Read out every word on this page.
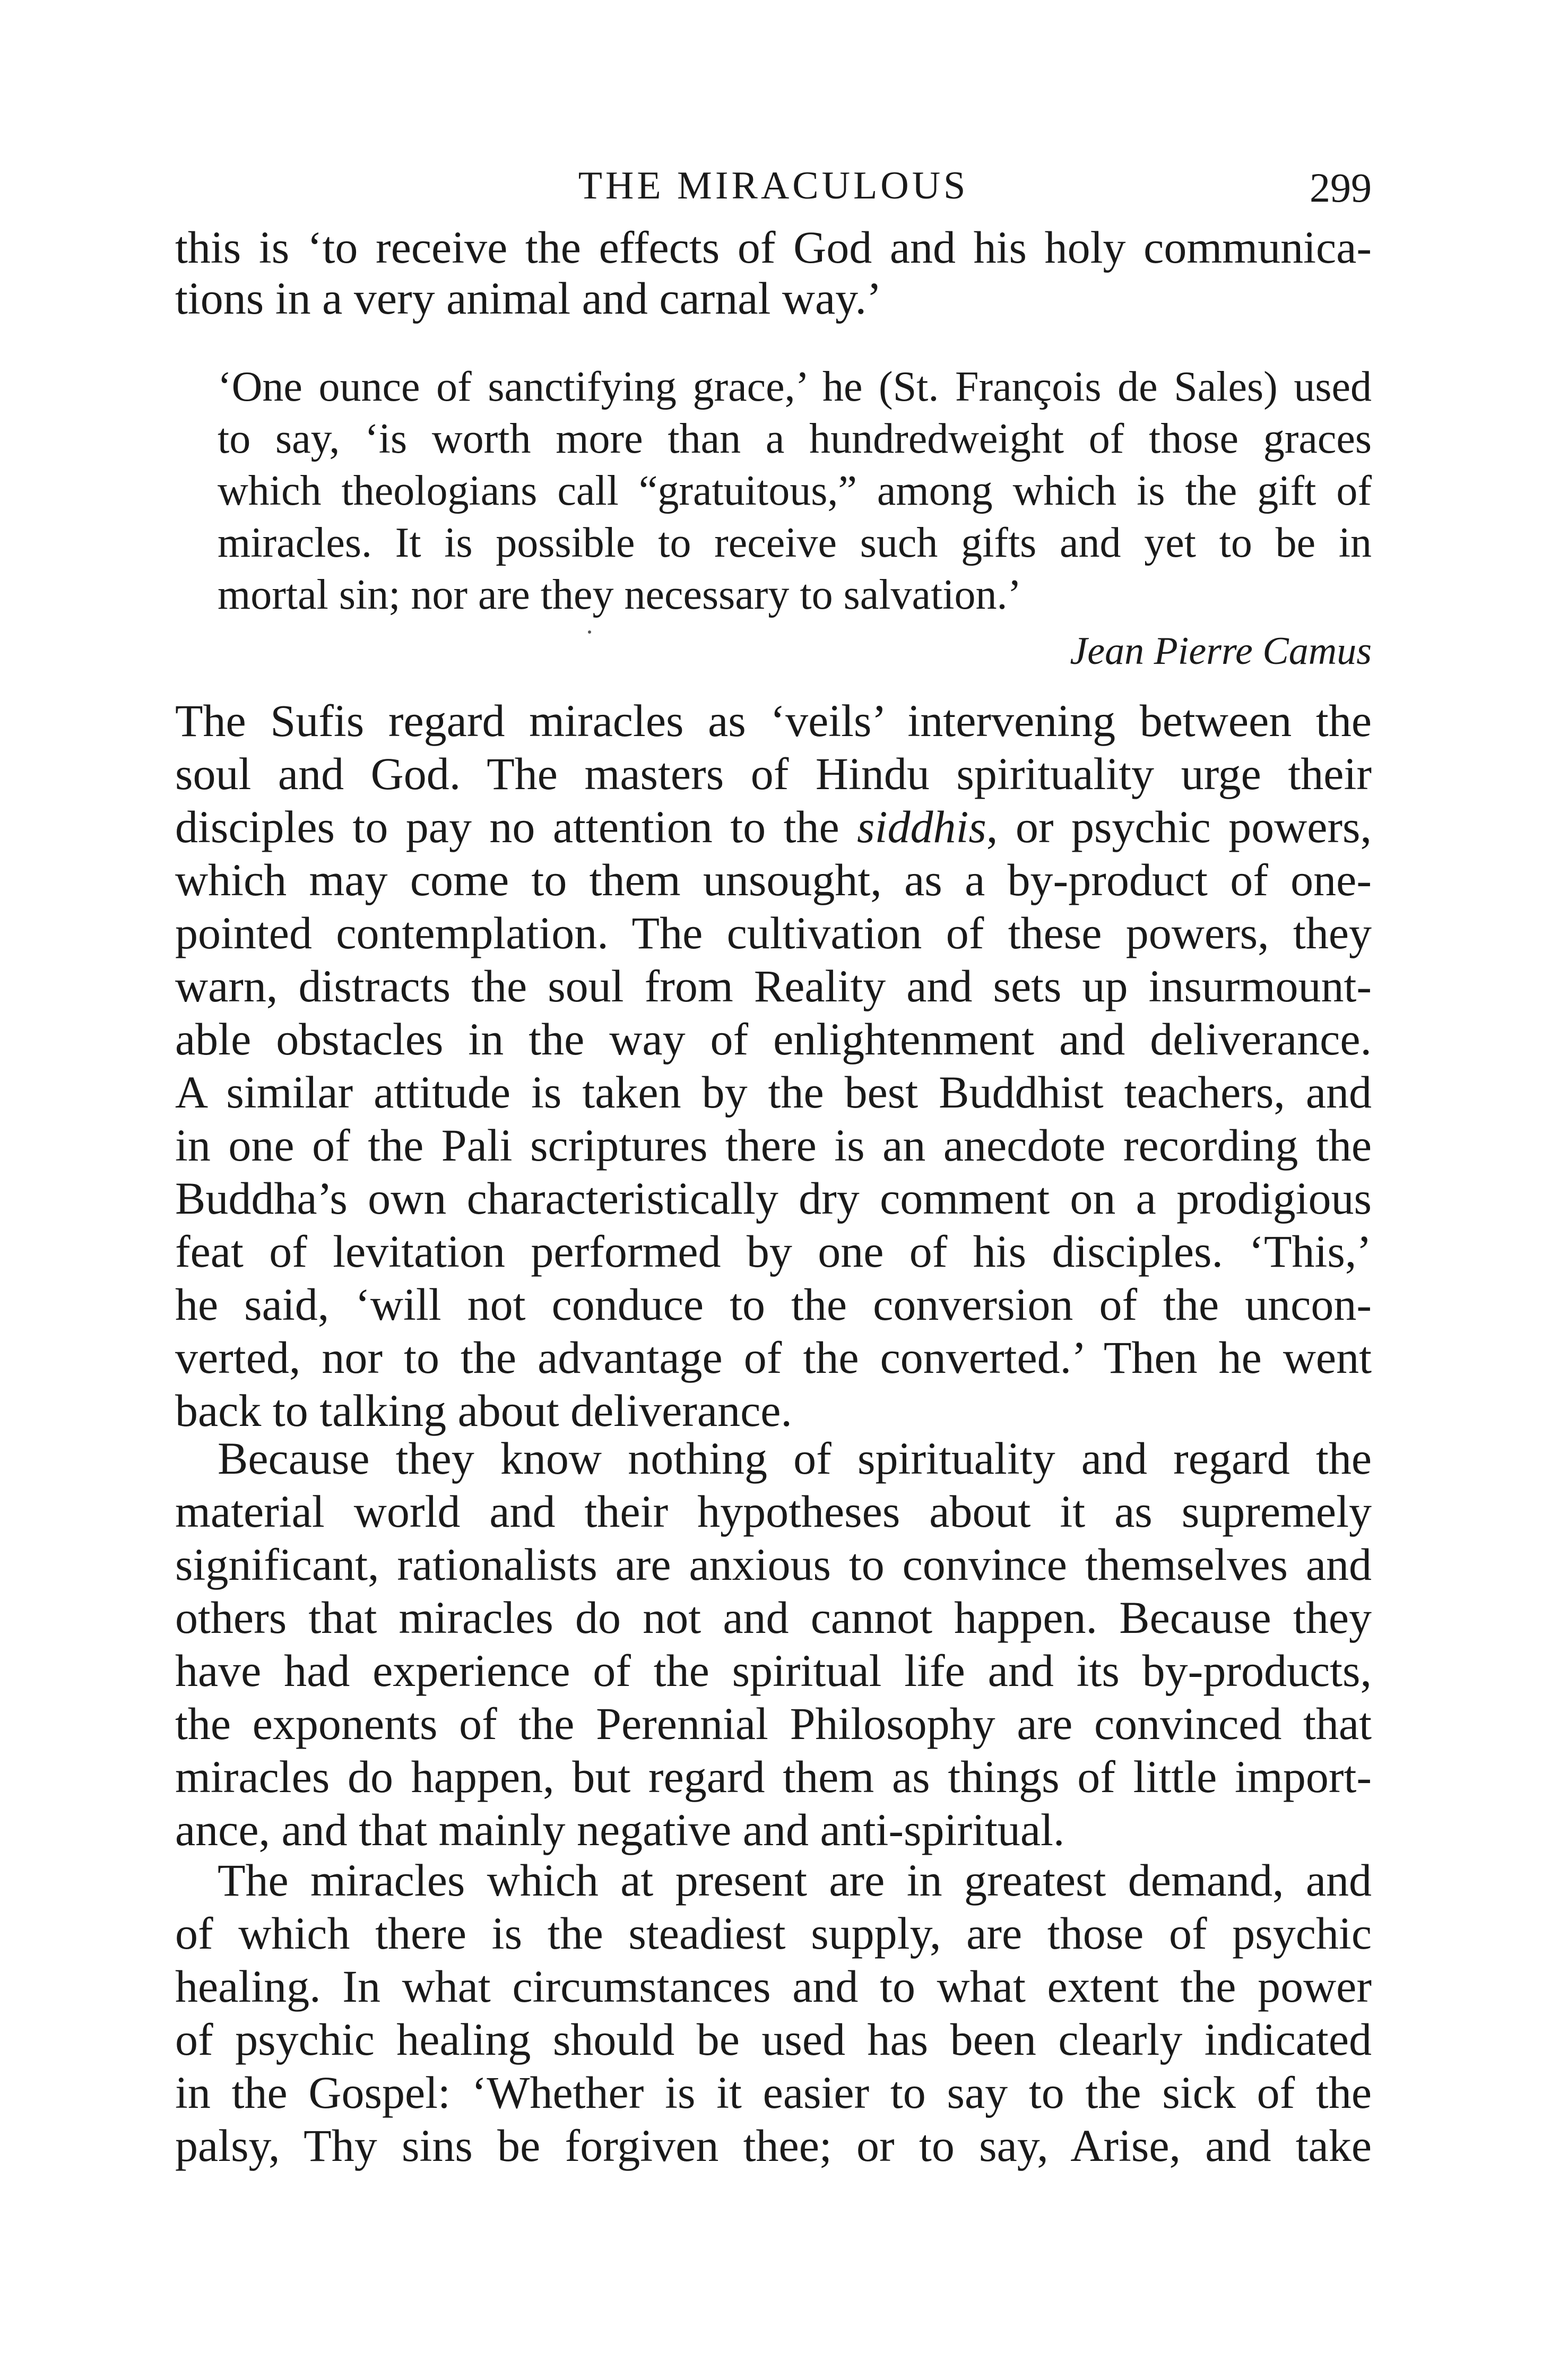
THE MIRACULOUS	299
this is ‘to receive the effects of God and his holy communica-
tions in a very animal and carnal way.’
‘One ounce of sanctifying grace,’ he (St. François de Sales) used
to say, ‘is worth more than a hundredweight of those graces
which theologians call “gratuitous,” among which is the gift of
miracles. It is possible to receive such gifts and yet to be in
mortal sin; nor are they necessary to salvation.’
Jean Pierre Camus
The Sufis regard miracles as ‘veils’ intervening between the
soul and God. The masters of Hindu spirituality urge their
disciples to pay no attention to the siddhis, or psychic powers,
which may come to them unsought, as a by-product of one-
pointed contemplation. The cultivation of these powers, they
warn, distracts the soul from Reality and sets up insurmount-
able obstacles in the way of enlightenment and deliverance.
A similar attitude is taken by the best Buddhist teachers, and
in one of the Pali scriptures there is an anecdote recording the
Buddha’s own characteristically dry comment on a prodigious
feat of levitation performed by one of his disciples. ‘This,’
he said, ‘will not conduce to the conversion of the uncon-
verted, nor to the advantage of the converted.’ Then he went
back to talking about deliverance.
Because they know nothing of spirituality and regard the
material world and their hypotheses about it as supremely
significant, rationalists are anxious to convince themselves and
others that miracles do not and cannot happen. Because they
have had experience of the spiritual life and its by-products,
the exponents of the Perennial Philosophy are convinced that
miracles do happen, but regard them as things of little import-
ance, and that mainly negative and anti-spiritual.
The miracles which at present are in greatest demand, and
of which there is the steadiest supply, are those of psychic
healing. In what circumstances and to what extent the power
of psychic healing should be used has been clearly indicated
in the Gospel: ‘Whether is it easier to say to the sick of the
palsy, Thy sins be forgiven thee; or to say, Arise, and take
